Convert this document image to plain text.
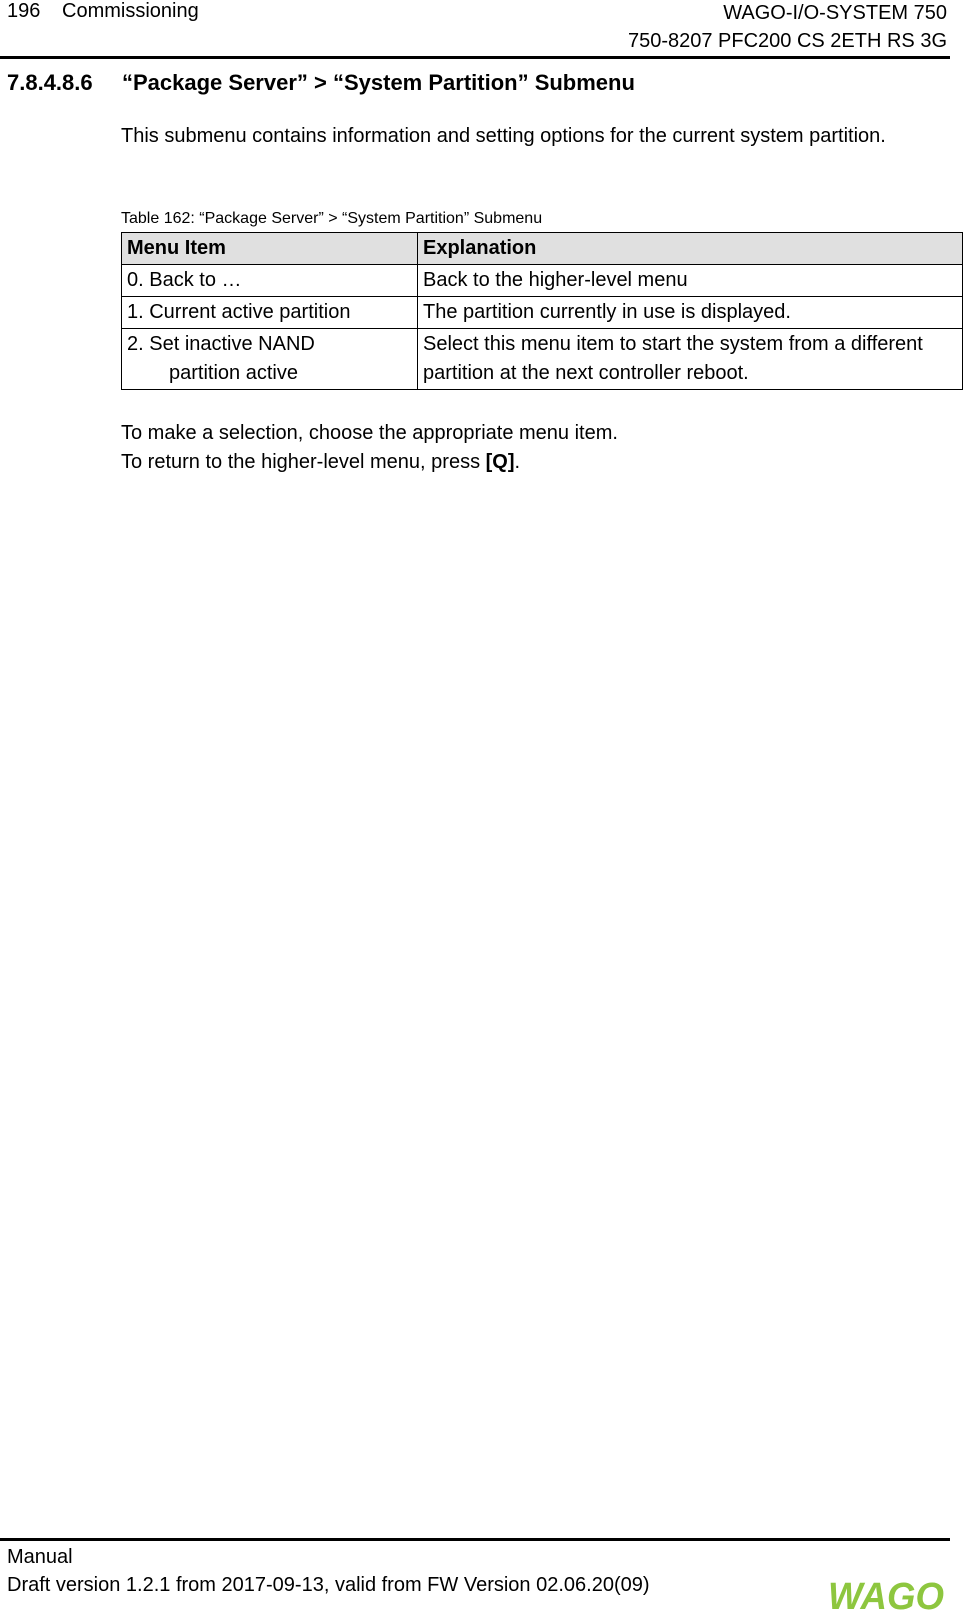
196 Commissioning	WAGO-I/O-SYSTEM 750
750-8207 PFC200 CS 2ETH RS 3G
7.8.4.8.6 “Package Server” > “System Partition” Submenu
This submenu contains information and setting options for the current system partition.
Table 162: “Package Server” > “System Partition” Submenu
Menu Item	Explanation
0. Back to …	Back to the higher-level menu
1. Current active partition	The partition currently in use is displayed.
2. Set inactive NAND
partition active	Select this menu item to start the system from a different partition at the next controller reboot.
To make a selection, choose the appropriate menu item.
To return to the higher-level menu, press [Q].
Manual
Draft version 1.2.1 from 2017-09-13, valid from FW Version 02.06.20(09)	WAGO
